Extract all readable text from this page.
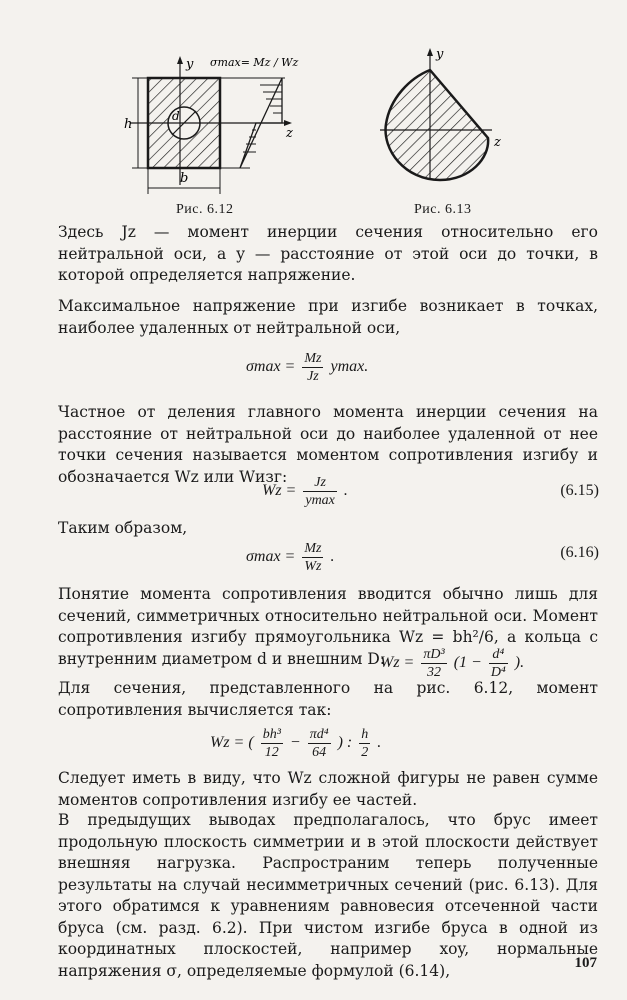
y
z
h
b
d
σmax= Mz / Wz
Рис. 6.12
y
z
Рис. 6.13

Здесь Jz — момент инерции сечения относительно его нейтральной оси, а y — расстояние от этой оси до точки, в которой определяется напряжение.

Максимальное напряжение при изгибе возникает в точках, наиболее удаленных от нейтральной оси,

$\sigma\max = \frac{Mz}{Jz} ymax$.

Частное от деления главного момента инерции сечения на расстояние от нейтральной оси до наиболее удаленной от нее точки сечения называется моментом сопротивления изгибу и обозначается Wz или Wизг:

$Wz = \frac{Jz}{ymax}$ .	(6.15)

Таким образом,

$\sigma\max = \frac{Mz}{Wz}$ .	(6.16)

Понятие момента сопротивления вводится обычно лишь для сечений, симметричных относительно нейтральной оси. Момент сопротивления изгибу прямоугольника Wz = bh²/6, а кольца с внутренним диаметром d и внешним D:

$Wz = \frac{\text{πD³}}{32} (1 - \frac{\text{d⁴}}{\text{D⁴}}$ ).

Для сечения, представленного на рис. 6.12, момент сопротивления вычисляется так:

Wz = ( $\frac{\text{bh³}}{12} - \frac{\text{πd⁴}}{64}$ ) : $\frac{h}{2}$ .

Следует иметь в виду, что Wz сложной фигуры не равен сумме моментов сопротивления изгибу ее частей.

В предыдущих выводах предполагалось, что брус имеет продольную плоскость симметрии и в этой плоскости действует внешняя нагрузка. Распространим теперь полученные результаты на случай несимметричных сечений (рис. 6.13). Для этого обратимся к уравнениям равновесия отсеченной части бруса (см. разд. 6.2). При чистом изгибе бруса в одной из координатных плоскостей, например xoy, нормальные напряжения σ, определяемые формулой (6.14),	107
